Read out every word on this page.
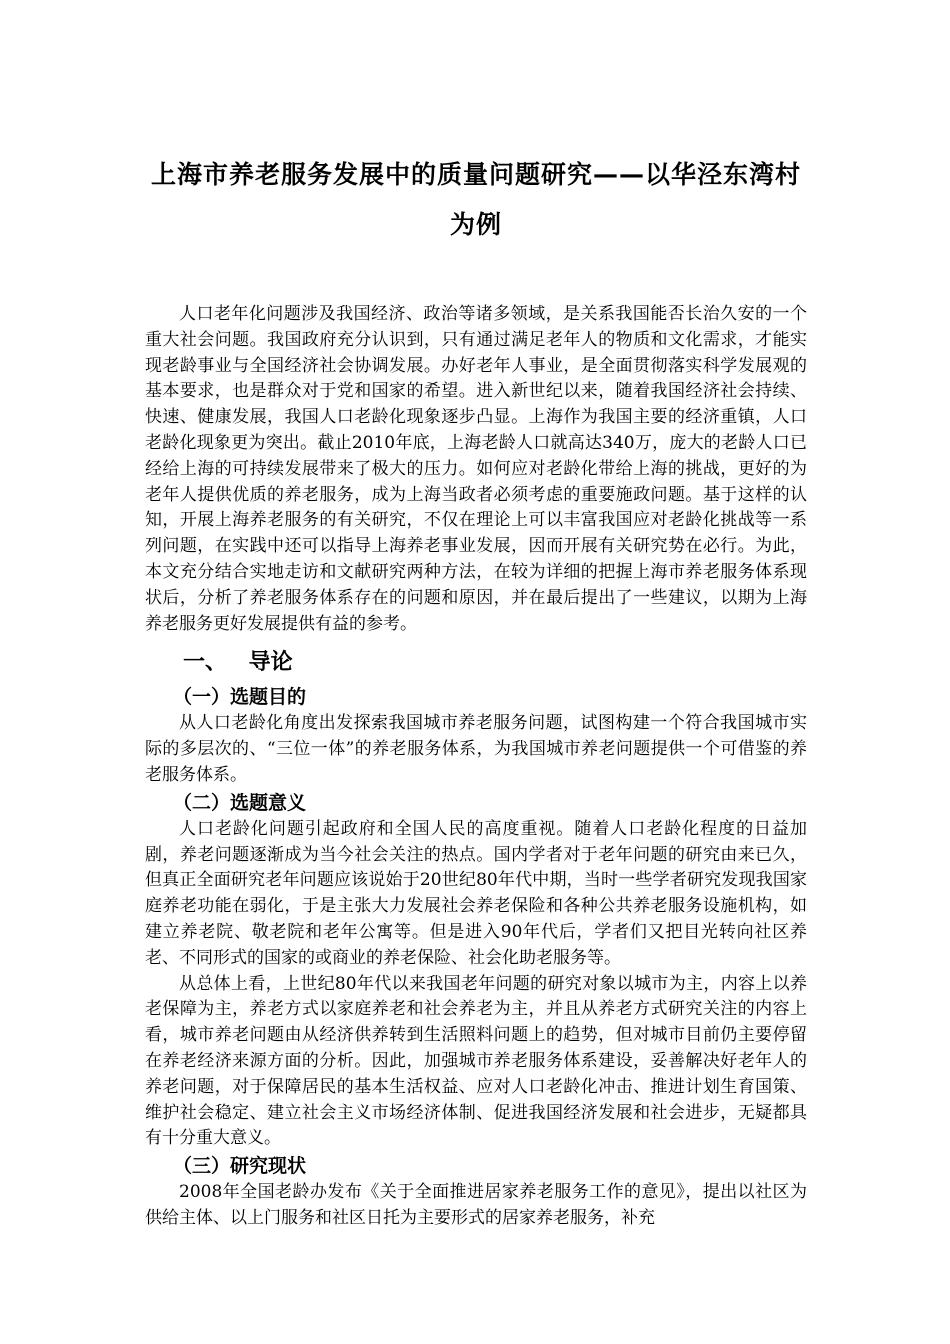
上海市养老服务发展中的质量问题研究——以华泾东湾村
为例

人口老年化问题涉及我国经济、政治等诸多领域，是关系我国能否长治久安的一个重大社会问题。我国政府充分认识到，只有通过满足老年人的物质和文化需求，才能实现老龄事业与全国经济社会协调发展。办好老年人事业，是全面贯彻落实科学发展观的基本要求，也是群众对于党和国家的希望。进入新世纪以来，随着我国经济社会持续、快速、健康发展，我国人口老龄化现象逐步凸显。上海作为我国主要的经济重镇，人口老龄化现象更为突出。截止2010年底，上海老龄人口就高达340万，庞大的老龄人口已经给上海的可持续发展带来了极大的压力。如何应对老龄化带给上海的挑战，更好的为老年人提供优质的养老服务，成为上海当政者必须考虑的重要施政问题。基于这样的认知，开展上海养老服务的有关研究，不仅在理论上可以丰富我国应对老龄化挑战等一系列问题，在实践中还可以指导上海养老事业发展，因而开展有关研究势在必行。为此，本文充分结合实地走访和文献研究两种方法，在较为详细的把握上海市养老服务体系现状后，分析了养老服务体系存在的问题和原因，并在最后提出了一些建议，以期为上海养老服务更好发展提供有益的参考。

一、 导论
（一）选题目的

从人口老龄化角度出发探索我国城市养老服务问题，试图构建一个符合我国城市实际的多层次的、“三位一体”的养老服务体系，为我国城市养老问题提供一个可借鉴的养老服务体系。

（二）选题意义

人口老龄化问题引起政府和全国人民的高度重视。随着人口老龄化程度的日益加剧，养老问题逐渐成为当今社会关注的热点。国内学者对于老年问题的研究由来已久，但真正全面研究老年问题应该说始于20世纪80年代中期，当时一些学者研究发现我国家庭养老功能在弱化，于是主张大力发展社会养老保险和各种公共养老服务设施机构，如建立养老院、敬老院和老年公寓等。但是进入90年代后，学者们又把目光转向社区养老、不同形式的国家的或商业的养老保险、社会化助老服务等。

从总体上看，上世纪80年代以来我国老年问题的研究对象以城市为主，内容上以养老保障为主，养老方式以家庭养老和社会养老为主，并且从养老方式研究关注的内容上看，城市养老问题由从经济供养转到生活照料问题上的趋势，但对城市目前仍主要停留在养老经济来源方面的分析。因此，加强城市养老服务体系建设，妥善解决好老年人的养老问题，对于保障居民的基本生活权益、应对人口老龄化冲击、推进计划生育国策、维护社会稳定、建立社会主义市场经济体制、促进我国经济发展和社会进步，无疑都具有十分重大意义。

（三）研究现状

2008年全国老龄办发布《关于全面推进居家养老服务工作的意见》，提出以社区为供给主体、以上门服务和社区日托为主要形式的居家养老服务，补充
